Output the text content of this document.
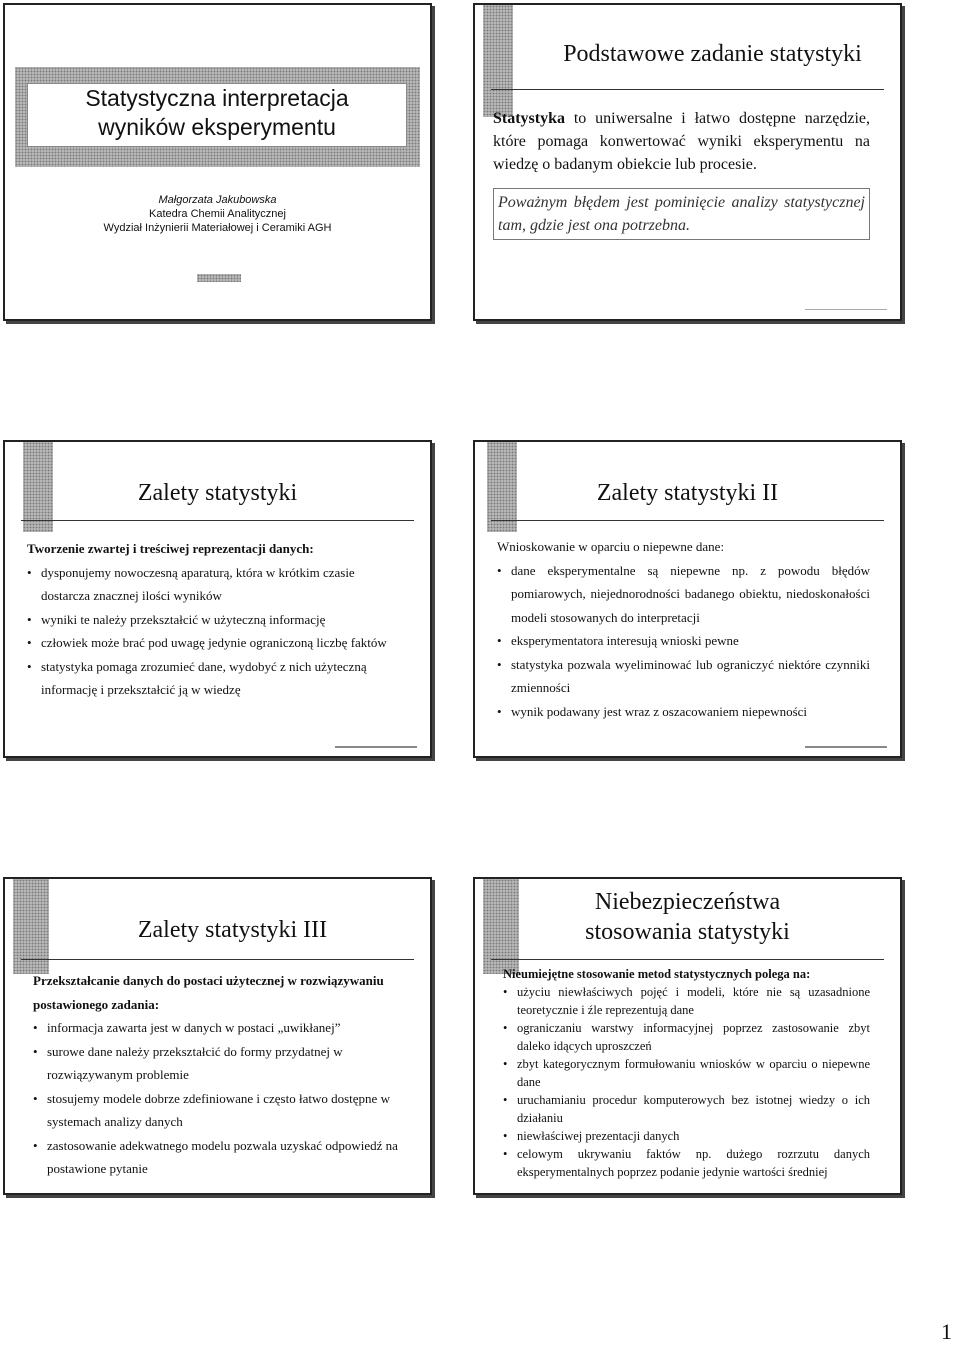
Statystyczna interpretacja
wyników eksperymentu
Małgorzata Jakubowska
Katedra Chemii Analitycznej
Wydział Inżynierii Materiałowej i Ceramiki AGH
Podstawowe zadanie statystyki

Statystyka to uniwersalne i łatwo dostępne narzędzie, które pomaga konwertować wyniki eksperymentu na wiedzę o badanym obiekcie lub procesie.

Poważnym błędem jest pominięcie analizy statystycznej tam, gdzie jest ona potrzebna.

Zalety statystyki

Tworzenie zwartej i treściwej reprezentacji danych:

• dysponujemy nowoczesną aparaturą, która w krótkim czasie dostarcza znacznej ilości wyników
• wyniki te należy przekształcić w użyteczną informację
• człowiek może brać pod uwagę jedynie ograniczoną liczbę faktów
• statystyka pomaga zrozumieć dane, wydobyć z nich użyteczną informację i przekształcić ją w wiedzę
Zalety statystyki II

Wnioskowanie w oparciu o niepewne dane:

• dane eksperymentalne są niepewne np. z powodu błędów pomiarowych, niejednorodności badanego obiektu, niedoskonałości modeli stosowanych do interpretacji
• eksperymentatora interesują wnioski pewne
• statystyka pozwala wyeliminować lub ograniczyć niektóre czynniki zmienności
• wynik podawany jest wraz z oszacowaniem niepewności
Zalety statystyki III

Przekształcanie danych do postaci użytecznej w rozwiązywaniu postawionego zadania:

• informacja zawarta jest w danych w postaci „uwikłanej”
• surowe dane należy przekształcić do formy przydatnej w rozwiązywanym problemie
• stosujemy modele dobrze zdefiniowane i często łatwo dostępne w systemach analizy danych
• zastosowanie adekwatnego modelu pozwala uzyskać odpowiedź na postawione pytanie
Niebezpieczeństwa
stosowania statystyki

Nieumiejętne stosowanie metod statystycznych polega na:

• użyciu niewłaściwych pojęć i modeli, które nie są uzasadnione teoretycznie i źle reprezentują dane
• ograniczaniu warstwy informacyjnej poprzez zastosowanie zbyt daleko idących uproszczeń
• zbyt kategorycznym formułowaniu wniosków w oparciu o niepewne dane
• uruchamianiu procedur komputerowych bez istotnej wiedzy o ich działaniu
• niewłaściwej prezentacji danych
• celowym ukrywaniu faktów np. dużego rozrzutu danych eksperymentalnych poprzez podanie jedynie wartości średniej
1
